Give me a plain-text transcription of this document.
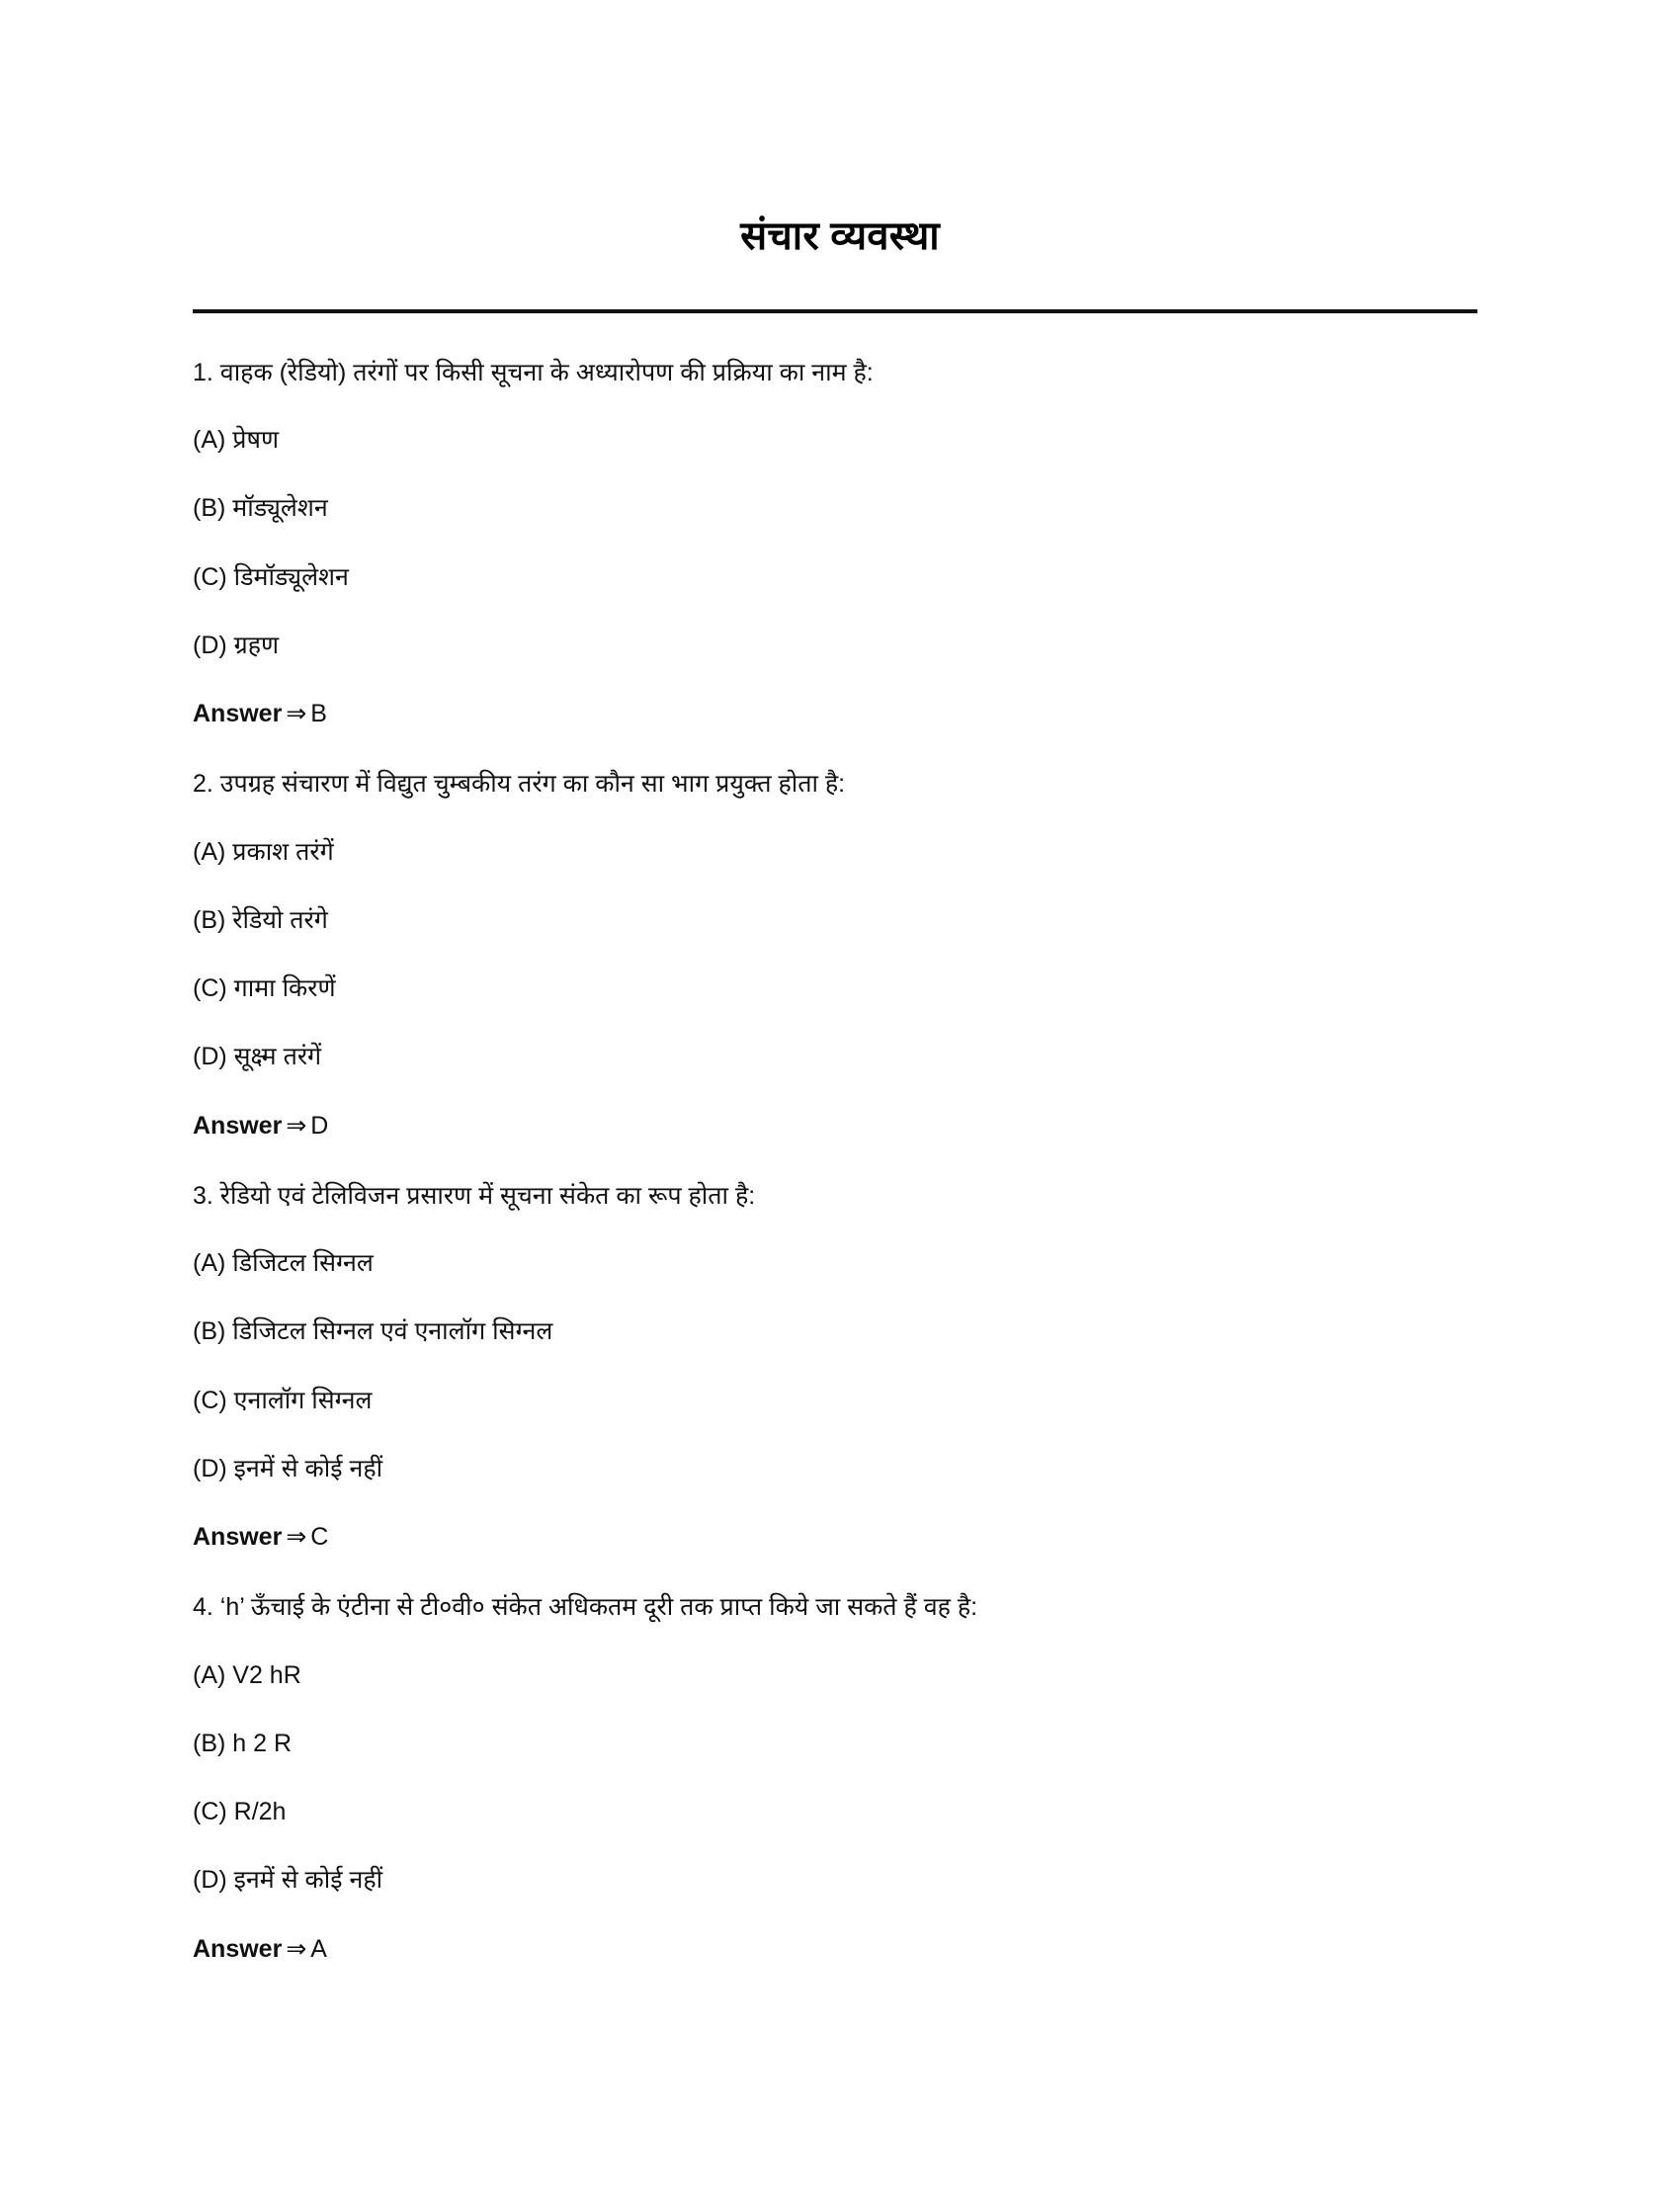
संचार व्यवस्था

1. वाहक (रेडियो) तरंगों पर किसी सूचना के अध्यारोपण की प्रक्रिया का नाम है:

(A) प्रेषण

(B) मॉड्यूलेशन

(C) डिमॉड्यूलेशन

(D) ग्रहण

Answer ⇒ B

2. उपग्रह संचारण में विद्युत चुम्बकीय तरंग का कौन सा भाग प्रयुक्त होता है:

(A) प्रकाश तरंगें

(B) रेडियो तरंगे

(C) गामा किरणें

(D) सूक्ष्म तरंगें

Answer ⇒ D

3. रेडियो एवं टेलिविजन प्रसारण में सूचना संकेत का रूप होता है:

(A) डिजिटल सिग्नल

(B) डिजिटल सिग्नल एवं एनालॉग सिग्नल

(C) एनालॉग सिग्नल

(D) इनमें से कोई नहीं

Answer ⇒ C

4. ‘h’ ऊँचाई के एंटीना से टी०वी० संकेत अधिकतम दूरी तक प्राप्त किये जा सकते हैं वह है:

(A) V2 hR

(B) h 2 R

(C) R/2h

(D) इनमें से कोई नहीं

Answer ⇒ A
